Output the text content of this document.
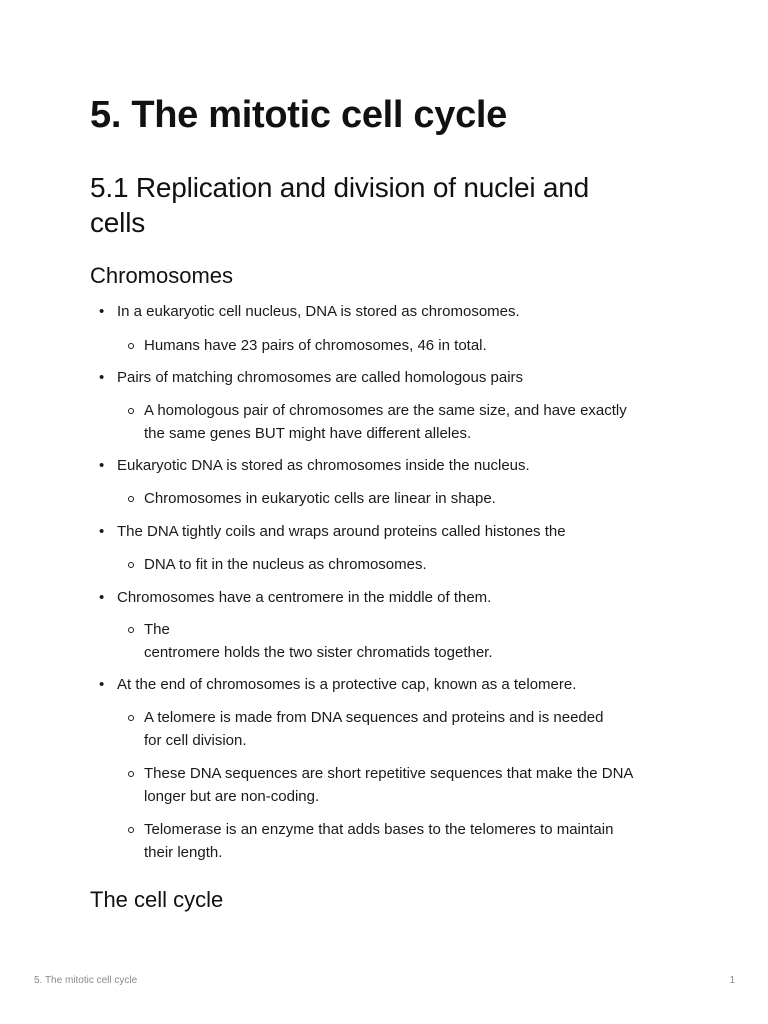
5. The mitotic cell cycle
5.1 Replication and division of nuclei and cells
Chromosomes
• In a eukaryotic cell nucleus, DNA is stored as chromosomes.
Humans have 23 pairs of chromosomes, 46 in total.
• Pairs of matching chromosomes are called homologous pairs
A homologous pair of chromosomes are the same size, and have exactly
the same genes BUT might have different alleles.
• Eukaryotic DNA is stored as chromosomes inside the nucleus.
Chromosomes in eukaryotic cells are linear in shape.
• The DNA tightly coils and wraps around proteins called histones the
DNA to fit in the nucleus as chromosomes.
• Chromosomes have a centromere in the middle of them.
The
centromere holds the two sister chromatids together.
• At the end of chromosomes is a protective cap, known as a telomere.
A telomere is made from DNA sequences and proteins and is needed
for cell division.
These DNA sequences are short repetitive sequences that make the DNA
longer but are non-coding.
Telomerase is an enzyme that adds bases to the telomeres to maintain
their length.
The cell cycle
5. The mitotic cell cycle	1
